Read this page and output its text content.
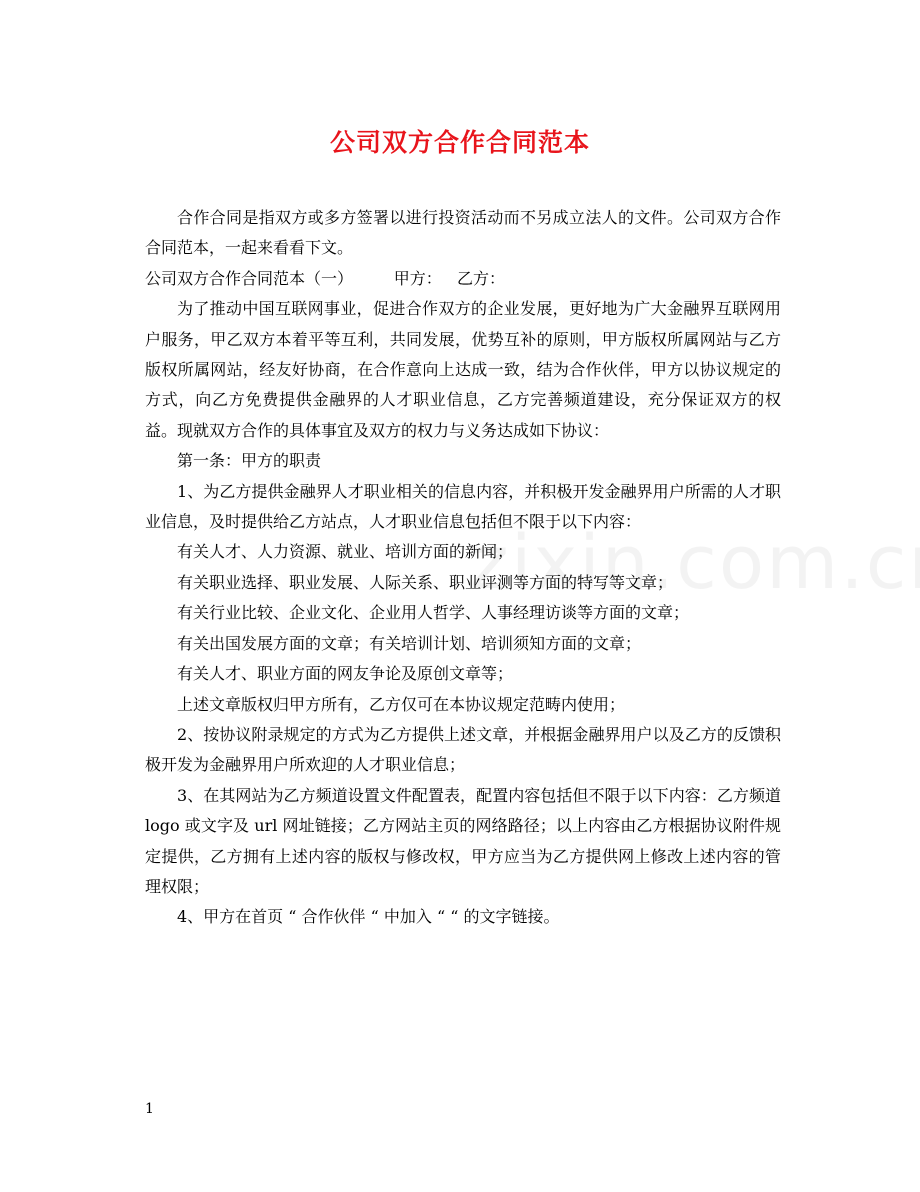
公司双方合作合同范本

合作合同是指双方或多方签署以进行投资活动而不另成立法人的文件。公司双方合作合同范本，一起来看看下文。

公司双方合作合同范本（一）	甲方： 乙方：

为了推动中国互联网事业，促进合作双方的企业发展，更好地为广大金融界互联网用户服务，甲乙双方本着平等互利，共同发展，优势互补的原则，甲方版权所属网站与乙方版权所属网站，经友好协商，在合作意向上达成一致，结为合作伙伴，甲方以协议规定的方式，向乙方免费提供金融界的人才职业信息，乙方完善频道建设，充分保证双方的权益。现就双方合作的具体事宜及双方的权力与义务达成如下协议：

第一条：甲方的职责

1、为乙方提供金融界人才职业相关的信息内容，并积极开发金融界用户所需的人才职业信息，及时提供给乙方站点，人才职业信息包括但不限于以下内容：

有关人才、人力资源、就业、培训方面的新闻；

有关职业选择、职业发展、人际关系、职业评测等方面的特写等文章；

有关行业比较、企业文化、企业用人哲学、人事经理访谈等方面的文章；

有关出国发展方面的文章；有关培训计划、培训须知方面的文章；

有关人才、职业方面的网友争论及原创文章等；

上述文章版权归甲方所有，乙方仅可在本协议规定范畴内使用；

2、按协议附录规定的方式为乙方提供上述文章，并根据金融界用户以及乙方的反馈积极开发为金融界用户所欢迎的人才职业信息；

3、在其网站为乙方频道设置文件配置表，配置内容包括但不限于以下内容：乙方频道 logo 或文字及 url 网址链接；乙方网站主页的网络路径；以上内容由乙方根据协议附件规定提供，乙方拥有上述内容的版权与修改权，甲方应当为乙方提供网上修改上述内容的管理权限；

4、甲方在首页 “ 合作伙伴 “ 中加入 “ “ 的文字链接。

1
